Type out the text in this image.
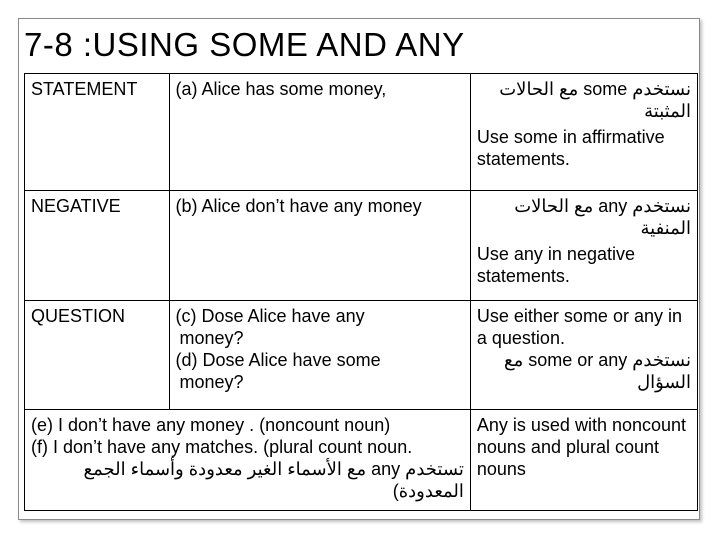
7-8 :USING SOME AND ANY
STATEMENT	(a) Alice has some money,	نستخدم some مع الحالات
المثبتة
Use some in affirmative statements.

NEGATIVE	(b) Alice don’t have any money	نستخدم any مع الحالات
المنفية
Use any in negative statements.

QUESTION	(c) Dose Alice have any
money?
(d) Dose Alice have some
money?	Use either some or any in a question.
نستخدم some or any مع
السؤال

(e) I don’t have any money . (noncount noun)
(f) I don’t have any matches. (plural count noun.
تستخدم any مع الأسماء الغير معدودة وأسماء الجمع المعدودة)		Any is used with noncount nouns and plural count nouns
